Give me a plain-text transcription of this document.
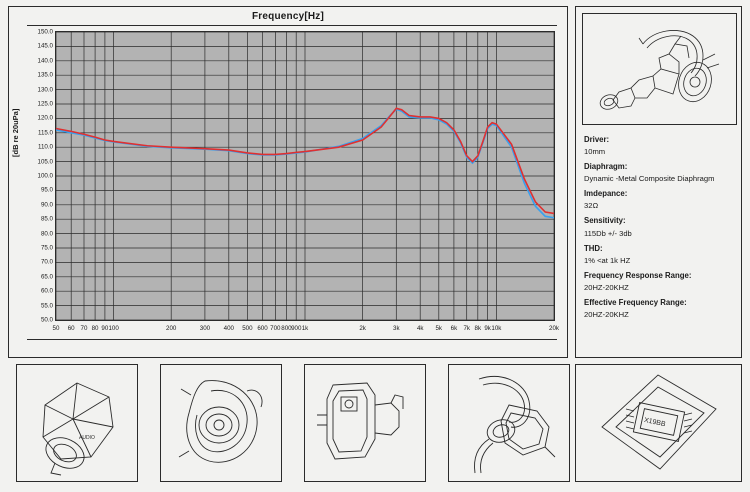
Frequency[Hz]
[dB re 20uPa]
150.0
145.0
140.0
135.0
130.0
125.0
120.0
115.0
110.0
105.0
100.0
95.0
90.0
85.0
80.0
75.0
70.0
65.0
60.0
55.0
50.0
50 60 70 80 90 100	200	300 400 500 600 700 800 900 1k	2k	3k	4k 5k 6k 7k 8k 9k 10k	20k
Driver:
10mm
Diaphragm:
Dynamic -Metal Composite Diaphragm
Imdepance:
32Ω
Sensitivity:
115Db +/- 3db
THD:
1% <at 1k HZ
Frequency Response Range:
20HZ-20KHZ
Effective Frequency Range:
20HZ-20KHZ
AUDIO
X19BB
